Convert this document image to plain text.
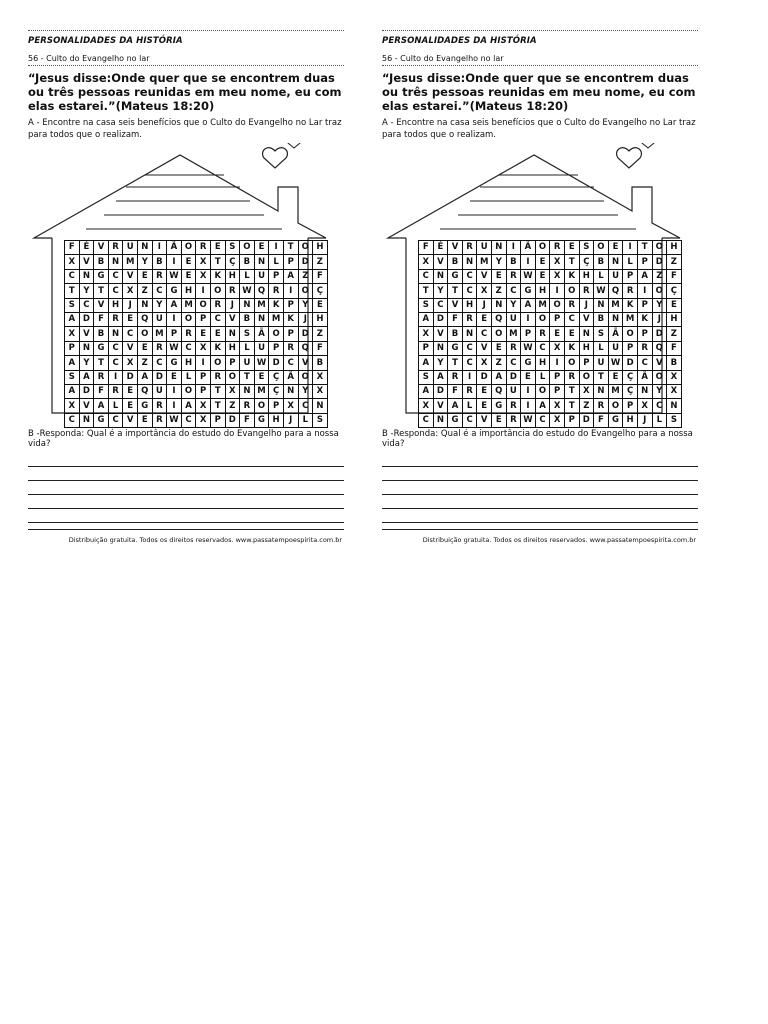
PERSONALIDADES DA HISTÓRIA
56 - Culto do Evangelho no lar
“Jesus disse:Onde quer que se encontrem duas ou três pessoas reunidas em meu nome, eu com elas estarei.”(Mateus 18:20)
A - Encontre na casa seis benefícios que o Culto do Evangelho no Lar traz para todos que o realizam.
F	É	V	R	U	N	I	Ã	O	R	E	S	O	E	I	T	O	H
X	V	B	N	M	Y	B	I	E	X	T	Ç	B	N	L	P	D	Z
C	N	G	C	V	E	R	W	E	X	K	H	L	U	P	A	Z	F
T	Y	T	C	X	Z	C	G	H	I	O	R	W	Q	R	I	O	Ç
S	C	V	H	J	N	Y	A	M	O	R	J	N	M	K	P	Y	E
A	D	F	R	E	Q	U	I	O	P	C	V	B	N	M	K	J	H
X	V	B	N	C	O	M	P	R	E	E	N	S	Ã	O	P	D	Z
P	N	G	C	V	E	R	W	C	X	K	H	L	U	P	R	Q	F
A	Y	T	C	X	Z	C	G	H	I	O	P	U	W	D	C	V	B
S	A	R	I	D	A	D	E	L	P	R	O	T	E	Ç	Ã	O	X
A	D	F	R	E	Q	U	I	O	P	T	X	N	M	Ç	N	Y	X
X	V	A	L	E	G	R	I	A	X	T	Z	R	O	P	X	C	N
C	N	G	C	V	E	R	W	C	X	P	D	F	G	H	J	L	S
B -Responda: Qual é a importância do estudo do Evangelho para a nossa vida?
Distribuição gratuita. Todos os direitos reservados. www.passatempoespirita.com.br
PERSONALIDADES DA HISTÓRIA
56 - Culto do Evangelho no lar
“Jesus disse:Onde quer que se encontrem duas ou três pessoas reunidas em meu nome, eu com elas estarei.”(Mateus 18:20)
A - Encontre na casa seis benefícios que o Culto do Evangelho no Lar traz para todos que o realizam.
F	É	V	R	U	N	I	Ã	O	R	E	S	O	E	I	T	O	H
X	V	B	N	M	Y	B	I	E	X	T	Ç	B	N	L	P	D	Z
C	N	G	C	V	E	R	W	E	X	K	H	L	U	P	A	Z	F
T	Y	T	C	X	Z	C	G	H	I	O	R	W	Q	R	I	O	Ç
S	C	V	H	J	N	Y	A	M	O	R	J	N	M	K	P	Y	E
A	D	F	R	E	Q	U	I	O	P	C	V	B	N	M	K	J	H
X	V	B	N	C	O	M	P	R	E	E	N	S	Ã	O	P	D	Z
P	N	G	C	V	E	R	W	C	X	K	H	L	U	P	R	Q	F
A	Y	T	C	X	Z	C	G	H	I	O	P	U	W	D	C	V	B
S	A	R	I	D	A	D	E	L	P	R	O	T	E	Ç	Ã	O	X
A	D	F	R	E	Q	U	I	O	P	T	X	N	M	Ç	N	Y	X
X	V	A	L	E	G	R	I	A	X	T	Z	R	O	P	X	C	N
C	N	G	C	V	E	R	W	C	X	P	D	F	G	H	J	L	S
B -Responda: Qual é a importância do estudo do Evangelho para a nossa vida?
Distribuição gratuita. Todos os direitos reservados. www.passatempoespirita.com.br
